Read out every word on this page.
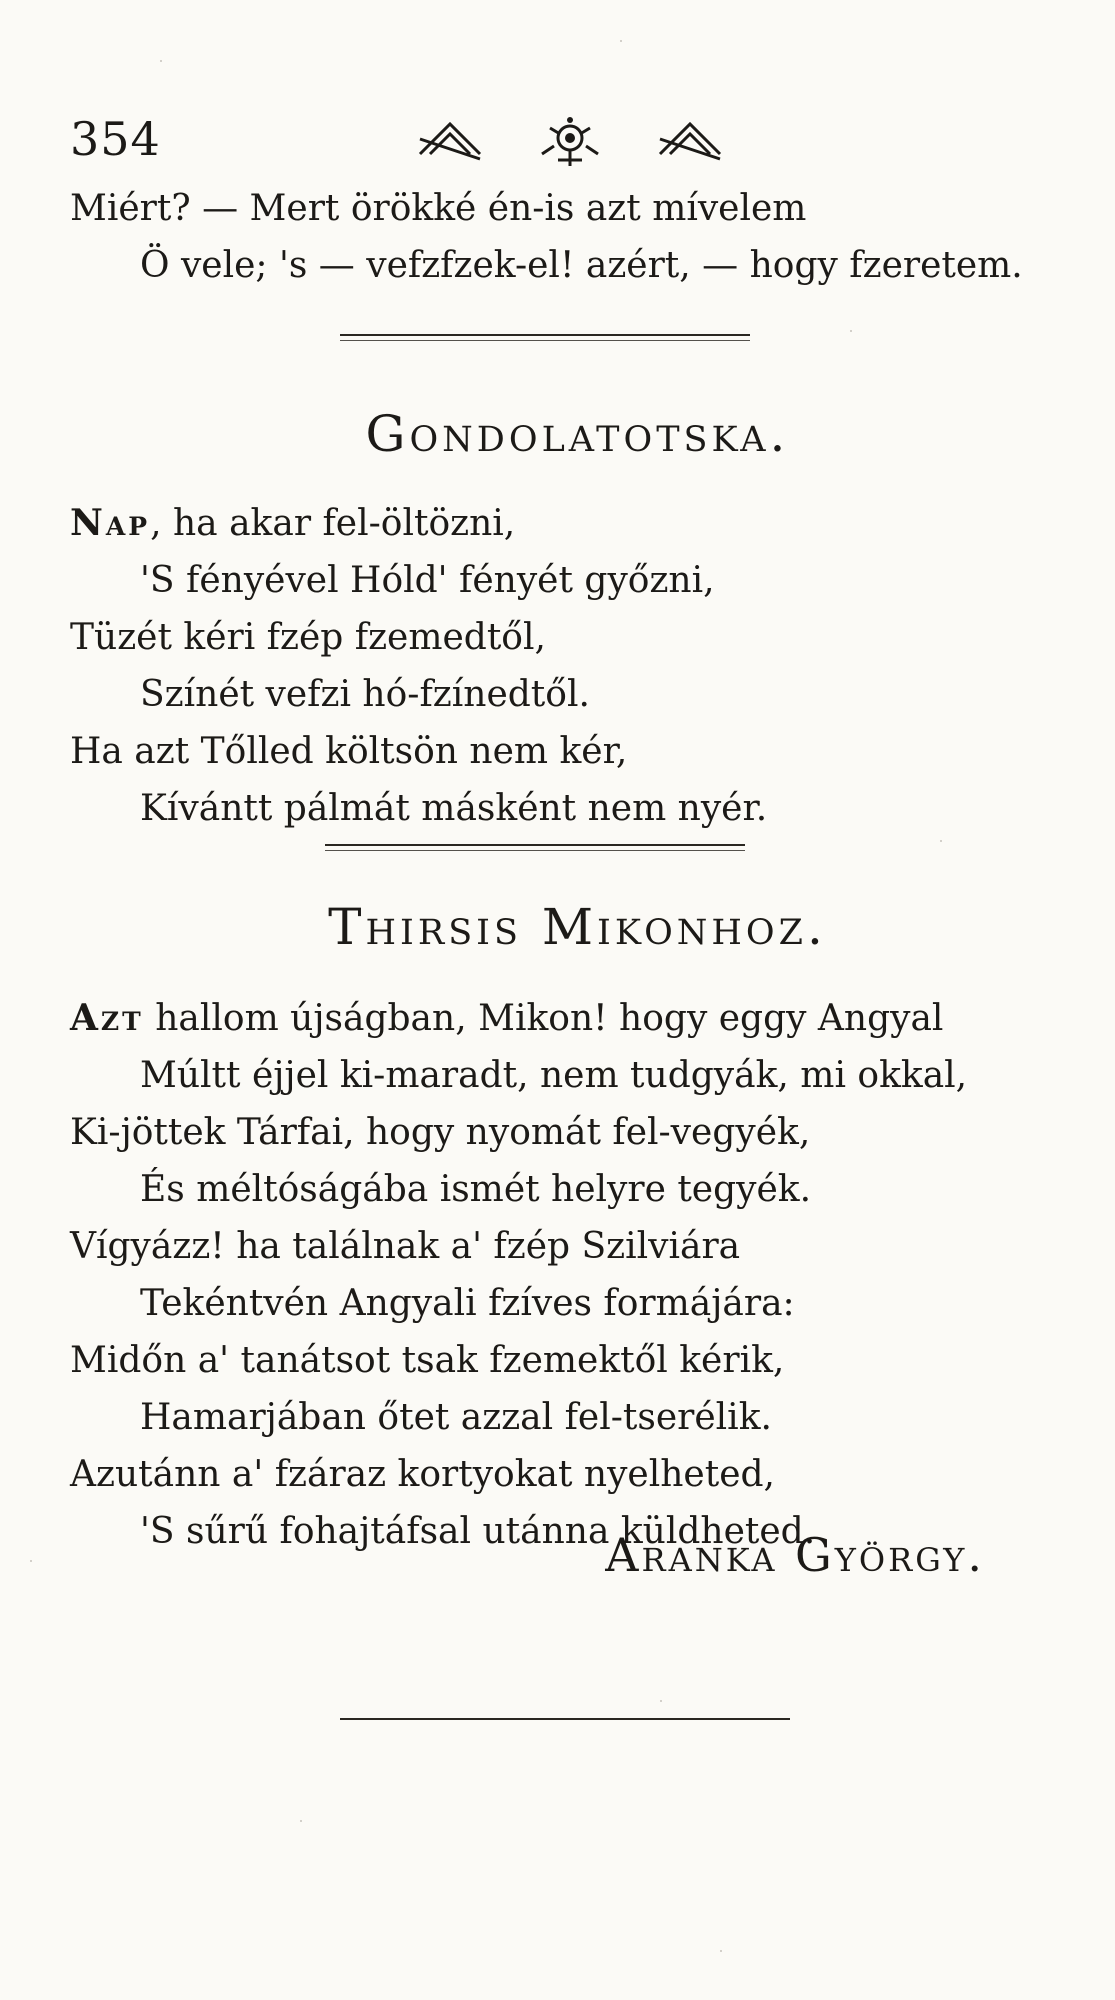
354
Miért? — Mert örökké én-is azt mívelem
Ö vele; 's — vefzfzek-el! azért, — hogy fzeretem.
Gondolatotska.
Nap, ha akar fel-öltözni,
'S fényével Hóld' fényét győzni,
Tüzét kéri fzép fzemedtől,
Színét vefzi hó-fzínedtől.
Ha azt Tőlled költsön nem kér,
Kívántt pálmát másként nem nyér.
Thirsis Mikonhoz.
Azt hallom újságban, Mikon! hogy eggy Angyal
Múltt éjjel ki-maradt, nem tudgyák, mi okkal,
Ki-jöttek Tárfai, hogy nyomát fel-vegyék,
És méltóságába ismét helyre tegyék.
Vígyázz! ha találnak a' fzép Szilviára
Tekéntvén Angyali fzíves formájára:
Midőn a' tanátsot tsak fzemektől kérik,
Hamarjában őtet azzal fel-tserélik.
Azutánn a' fzáraz kortyokat nyelheted,
'S sűrű fohajtáfsal utánna küldheted.
Aranka György.
